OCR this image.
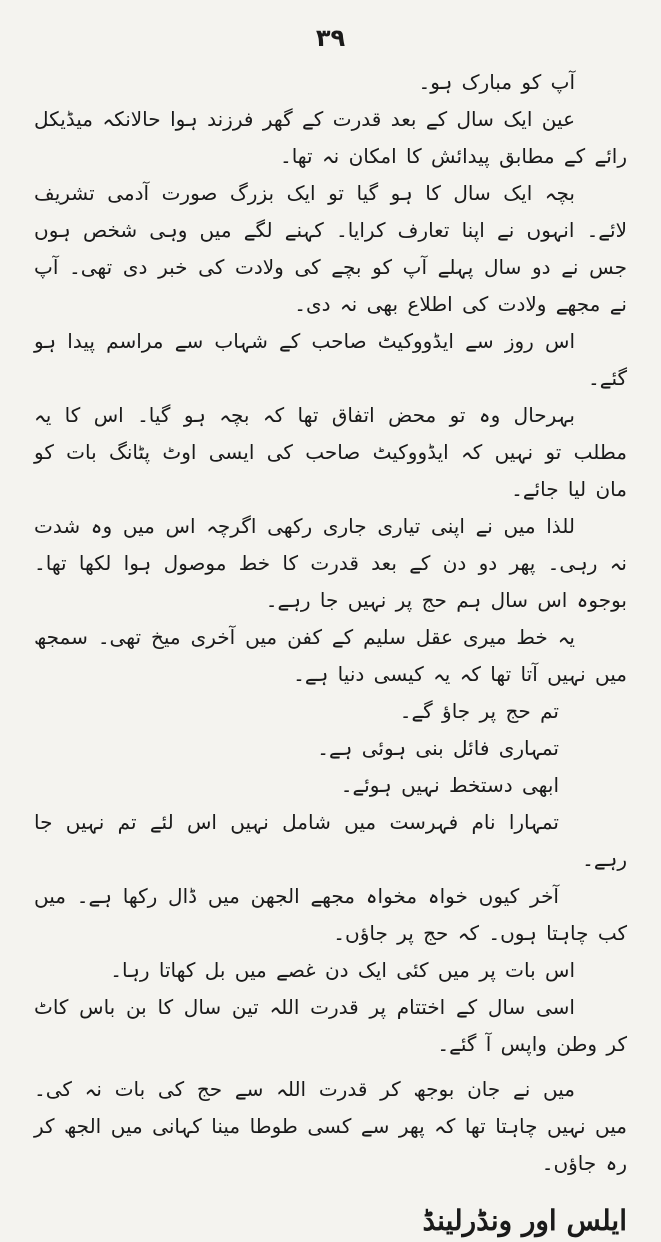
۳۹

آپ کو مبارک ہو۔

عین ایک سال کے بعد قدرت کے گھر فرزند ہوا حالانکہ میڈیکل رائے کے مطابق پیدائش کا امکان نہ تھا۔

بچہ ایک سال کا ہو گیا تو ایک بزرگ صورت آدمی تشریف لائے۔ انہوں نے اپنا تعارف کرایا۔ کہنے لگے میں وہی شخص ہوں جس نے دو سال پہلے آپ کو بچے کی ولادت کی خبر دی تھی۔ آپ نے مجھے ولادت کی اطلاع بھی نہ دی۔

اس روز سے ایڈووکیٹ صاحب کے شہاب سے مراسم پیدا ہو گئے۔

بہرحال وہ تو محض اتفاق تھا کہ بچہ ہو گیا۔ اس کا یہ مطلب تو نہیں کہ ایڈووکیٹ صاحب کی ایسی اوٹ پٹانگ بات کو مان لیا جائے۔

للذا میں نے اپنی تیاری جاری رکھی اگرچہ اس میں وہ شدت نہ رہی۔ پھر دو دن کے بعد قدرت کا خط موصول ہوا لکھا تھا۔ بوجوہ اس سال ہم حج پر نہیں جا رہے۔

یہ خط میری عقل سلیم کے کفن میں آخری میخ تھی۔ سمجھ میں نہیں آتا تھا کہ یہ کیسی دنیا ہے۔

تم حج پر جاؤ گے۔

تمہاری فائل بنی ہوئی ہے۔

ابھی دستخط نہیں ہوئے۔

تمہارا نام فہرست میں شامل نہیں اس لئے تم نہیں جا رہے۔

آخر کیوں خواہ مخواہ مجھے الجھن میں ڈال رکھا ہے۔ میں کب چاہتا ہوں۔ کہ حج پر جاؤں۔

اس بات پر میں کئی ایک دن غصے میں بل کھاتا رہا۔

اسی سال کے اختتام پر قدرت اللہ تین سال کا بن باس کاٹ کر وطن واپس آ گئے۔

میں نے جان بوجھ کر قدرت اللہ سے حج کی بات نہ کی۔ میں نہیں چاہتا تھا کہ پھر سے کسی طوطا مینا کہانی میں الجھ کر رہ جاؤں۔

ایلس اور ونڈرلینڈ
